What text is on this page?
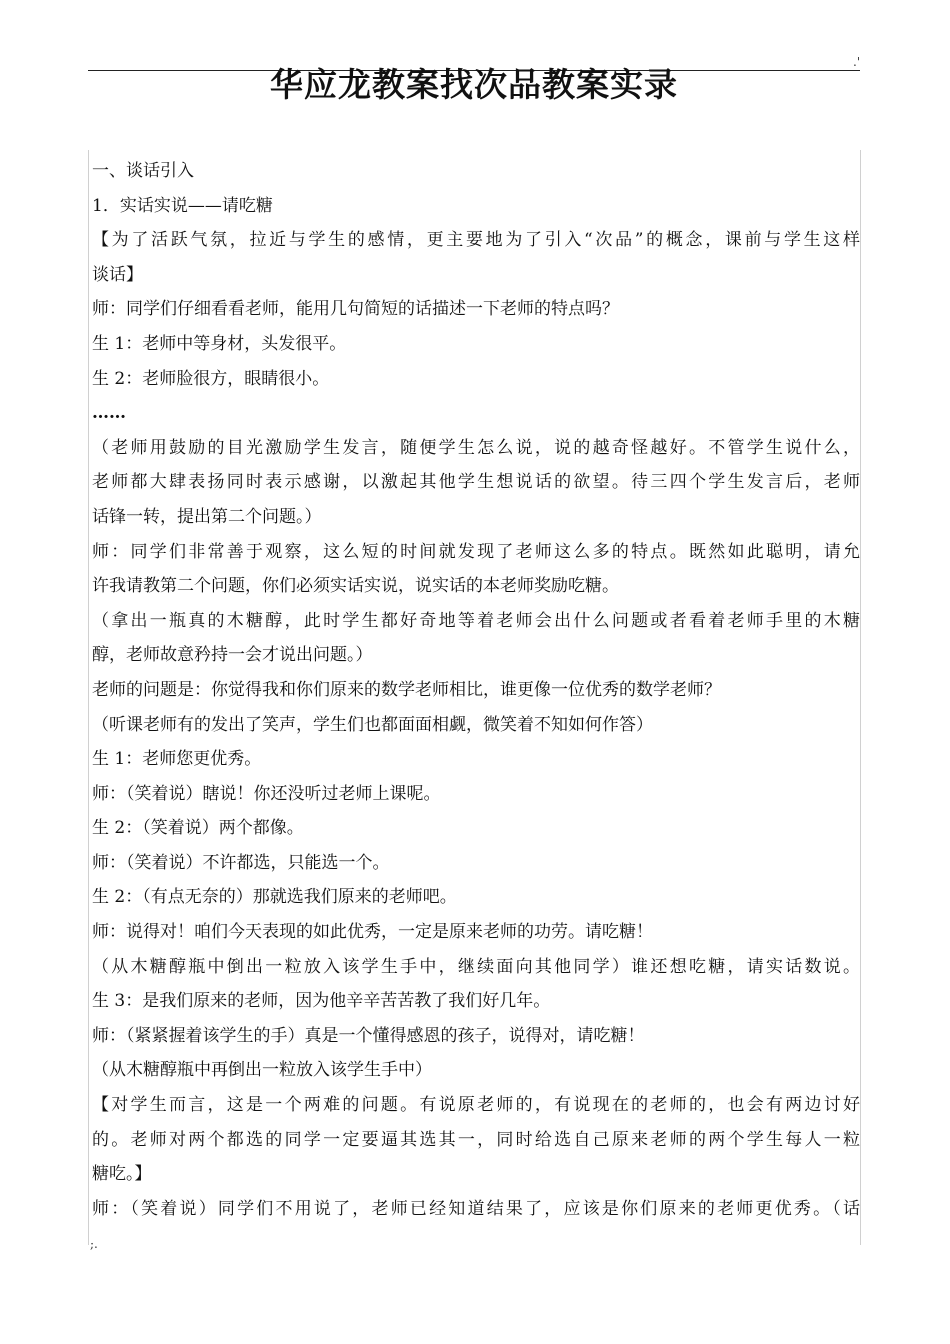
.'
华应龙教案找次品教案实录
一、谈话引入
1．实话实说——请吃糖
【为了活跃气氛，拉近与学生的感情，更主要地为了引入“次品”的概念，课前与学生这样
谈话】
师：同学们仔细看看老师，能用几句简短的话描述一下老师的特点吗？
生 1：老师中等身材，头发很平。
生 2：老师脸很方，眼睛很小。
……
（老师用鼓励的目光激励学生发言，随便学生怎么说，说的越奇怪越好。不管学生说什么，
老师都大肆表扬同时表示感谢，以激起其他学生想说话的欲望。待三四个学生发言后，老师
话锋一转，提出第二个问题。）
师：同学们非常善于观察，这么短的时间就发现了老师这么多的特点。既然如此聪明，请允
许我请教第二个问题，你们必须实话实说，说实话的本老师奖励吃糖。
（拿出一瓶真的木糖醇，此时学生都好奇地等着老师会出什么问题或者看着老师手里的木糖
醇，老师故意矜持一会才说出问题。）
老师的问题是：你觉得我和你们原来的数学老师相比，谁更像一位优秀的数学老师？
（听课老师有的发出了笑声，学生们也都面面相觑，微笑着不知如何作答）
生 1：老师您更优秀。
师：（笑着说）瞎说！你还没听过老师上课呢。
生 2：（笑着说）两个都像。
师：（笑着说）不许都选，只能选一个。
生 2：（有点无奈的）那就选我们原来的老师吧。
师：说得对！咱们今天表现的如此优秀，一定是原来老师的功劳。请吃糖！
（从木糖醇瓶中倒出一粒放入该学生手中，继续面向其他同学）谁还想吃糖，请实话数说。
生 3：是我们原来的老师，因为他辛辛苦苦教了我们好几年。
师：（紧紧握着该学生的手）真是一个懂得感恩的孩子，说得对，请吃糖！
（从木糖醇瓶中再倒出一粒放入该学生手中）
【对学生而言，这是一个两难的问题。有说原老师的，有说现在的老师的，也会有两边讨好
的。老师对两个都选的同学一定要逼其选其一，同时给选自己原来老师的两个学生每人一粒
糖吃。】
师：（笑着说）同学们不用说了，老师已经知道结果了，应该是你们原来的老师更优秀。（话
;.
